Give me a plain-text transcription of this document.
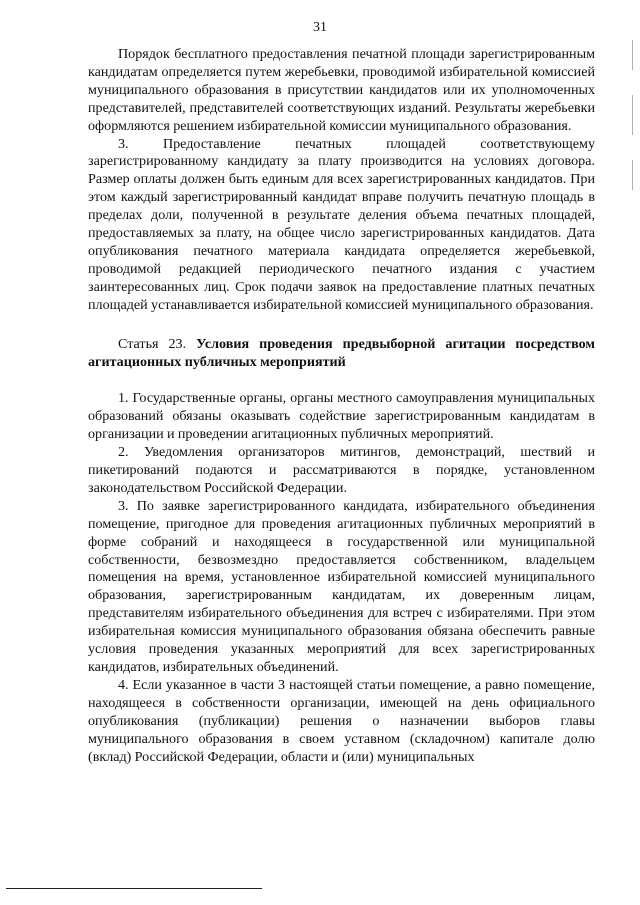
31

Порядок бесплатного предоставления печатной площади зарегистрированным кандидатам определяется путем жеребьевки, проводимой избирательной комиссией муниципального образования в присутствии кандидатов или их уполномоченных представителей, представителей соответствующих изданий. Результаты жеребьевки оформляются решением избирательной комиссии муниципального образования.

3. Предоставление печатных площадей соответствующему зарегистрированному кандидату за плату производится на условиях договора. Размер оплаты должен быть единым для всех зарегистрированных кандидатов. При этом каждый зарегистрированный кандидат вправе получить печатную площадь в пределах доли, полученной в результате деления объема печатных площадей, предоставляемых за плату, на общее число зарегистрированных кандидатов. Дата опубликования печатного материала кандидата определяется жеребьевкой, проводимой редакцией периодического печатного издания с участием заинтересованных лиц. Срок подачи заявок на предоставление платных печатных площадей устанавливается избирательной комиссией муниципального образования.

Статья 23. Условия проведения предвыборной агитации посредством агитационных публичных мероприятий

1. Государственные органы, органы местного самоуправления муниципальных образований обязаны оказывать содействие зарегистрированным кандидатам в организации и проведении агитационных публичных мероприятий.

2. Уведомления организаторов митингов, демонстраций, шествий и пикетирований подаются и рассматриваются в порядке, установленном законодательством Российской Федерации.

3. По заявке зарегистрированного кандидата, избирательного объединения помещение, пригодное для проведения агитационных публичных мероприятий в форме собраний и находящееся в государственной или муниципальной собственности, безвозмездно предоставляется собственником, владельцем помещения на время, установленное избирательной комиссией муниципального образования, зарегистрированным кандидатам, их доверенным лицам, представителям избирательного объединения для встреч с избирателями. При этом избирательная комиссия муниципального образования обязана обеспечить равные условия проведения указанных мероприятий для всех зарегистрированных кандидатов, избирательных объединений.

4. Если указанное в части 3 настоящей статьи помещение, а равно помещение, находящееся в собственности организации, имеющей на день официального опубликования (публикации) решения о назначении выборов главы муниципального образования в своем уставном (складочном) капитале долю (вклад) Российской Федерации, области и (или) муниципальных
